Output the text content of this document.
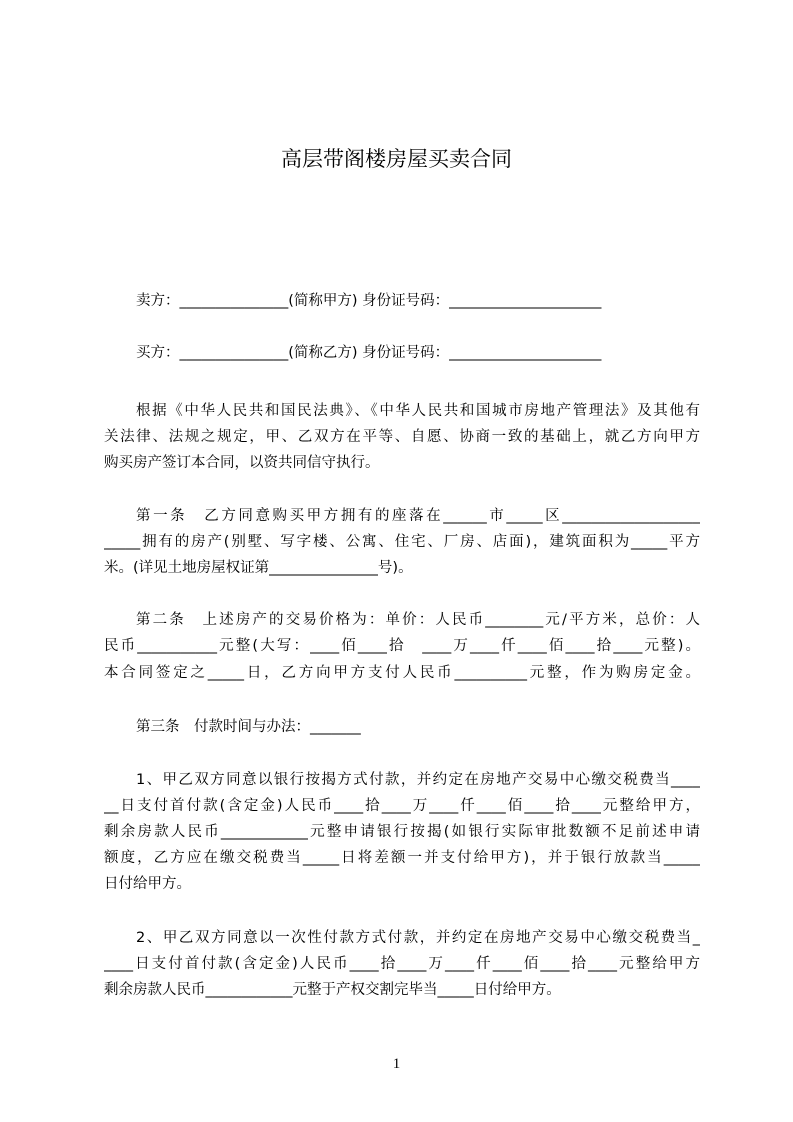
高层带阁楼房屋买卖合同
卖方：_______________(简称甲方) 身份证号码：_____________________
买方：_______________(简称乙方) 身份证号码：_____________________
根据《中华人民共和国民法典》、《中华人民共和国城市房地产管理法》及其他有
关法律、法规之规定，甲、乙双方在平等、自愿、协商一致的基础上，就乙方向甲方
购买房产签订本合同，以资共同信守执行。
第一条　乙方同意购买甲方拥有的座落在______市_____区___________________
_____拥有的房产(别墅、写字楼、公寓、住宅、厂房、店面)，建筑面积为_____平方
米。(详见土地房屋权证第_______________号)。
第二条　上述房产的交易价格为：单价：人民币________元/平方米，总价：人
民币___________元整(大写：____佰____拾　____万____仟____佰____拾____元整)。
本合同签定之_____日，乙方向甲方支付人民币__________元整，作为购房定金。
第三条　付款时间与办法：_______
1、甲乙双方同意以银行按揭方式付款，并约定在房地产交易中心缴交税费当____
__日支付首付款(含定金)人民币____拾____万____仟____佰____拾____元整给甲方，
剩余房款人民币____________元整申请银行按揭(如银行实际审批数额不足前述申请
额度，乙方应在缴交税费当_____日将差额一并支付给甲方)，并于银行放款当_____
日付给甲方。
2、甲乙双方同意以一次性付款方式付款，并约定在房地产交易中心缴交税费当_
____日支付首付款(含定金)人民币____拾____万____仟____佰____拾____元整给甲方
剩余房款人民币____________元整于产权交割完毕当_____日付给甲方。
1
